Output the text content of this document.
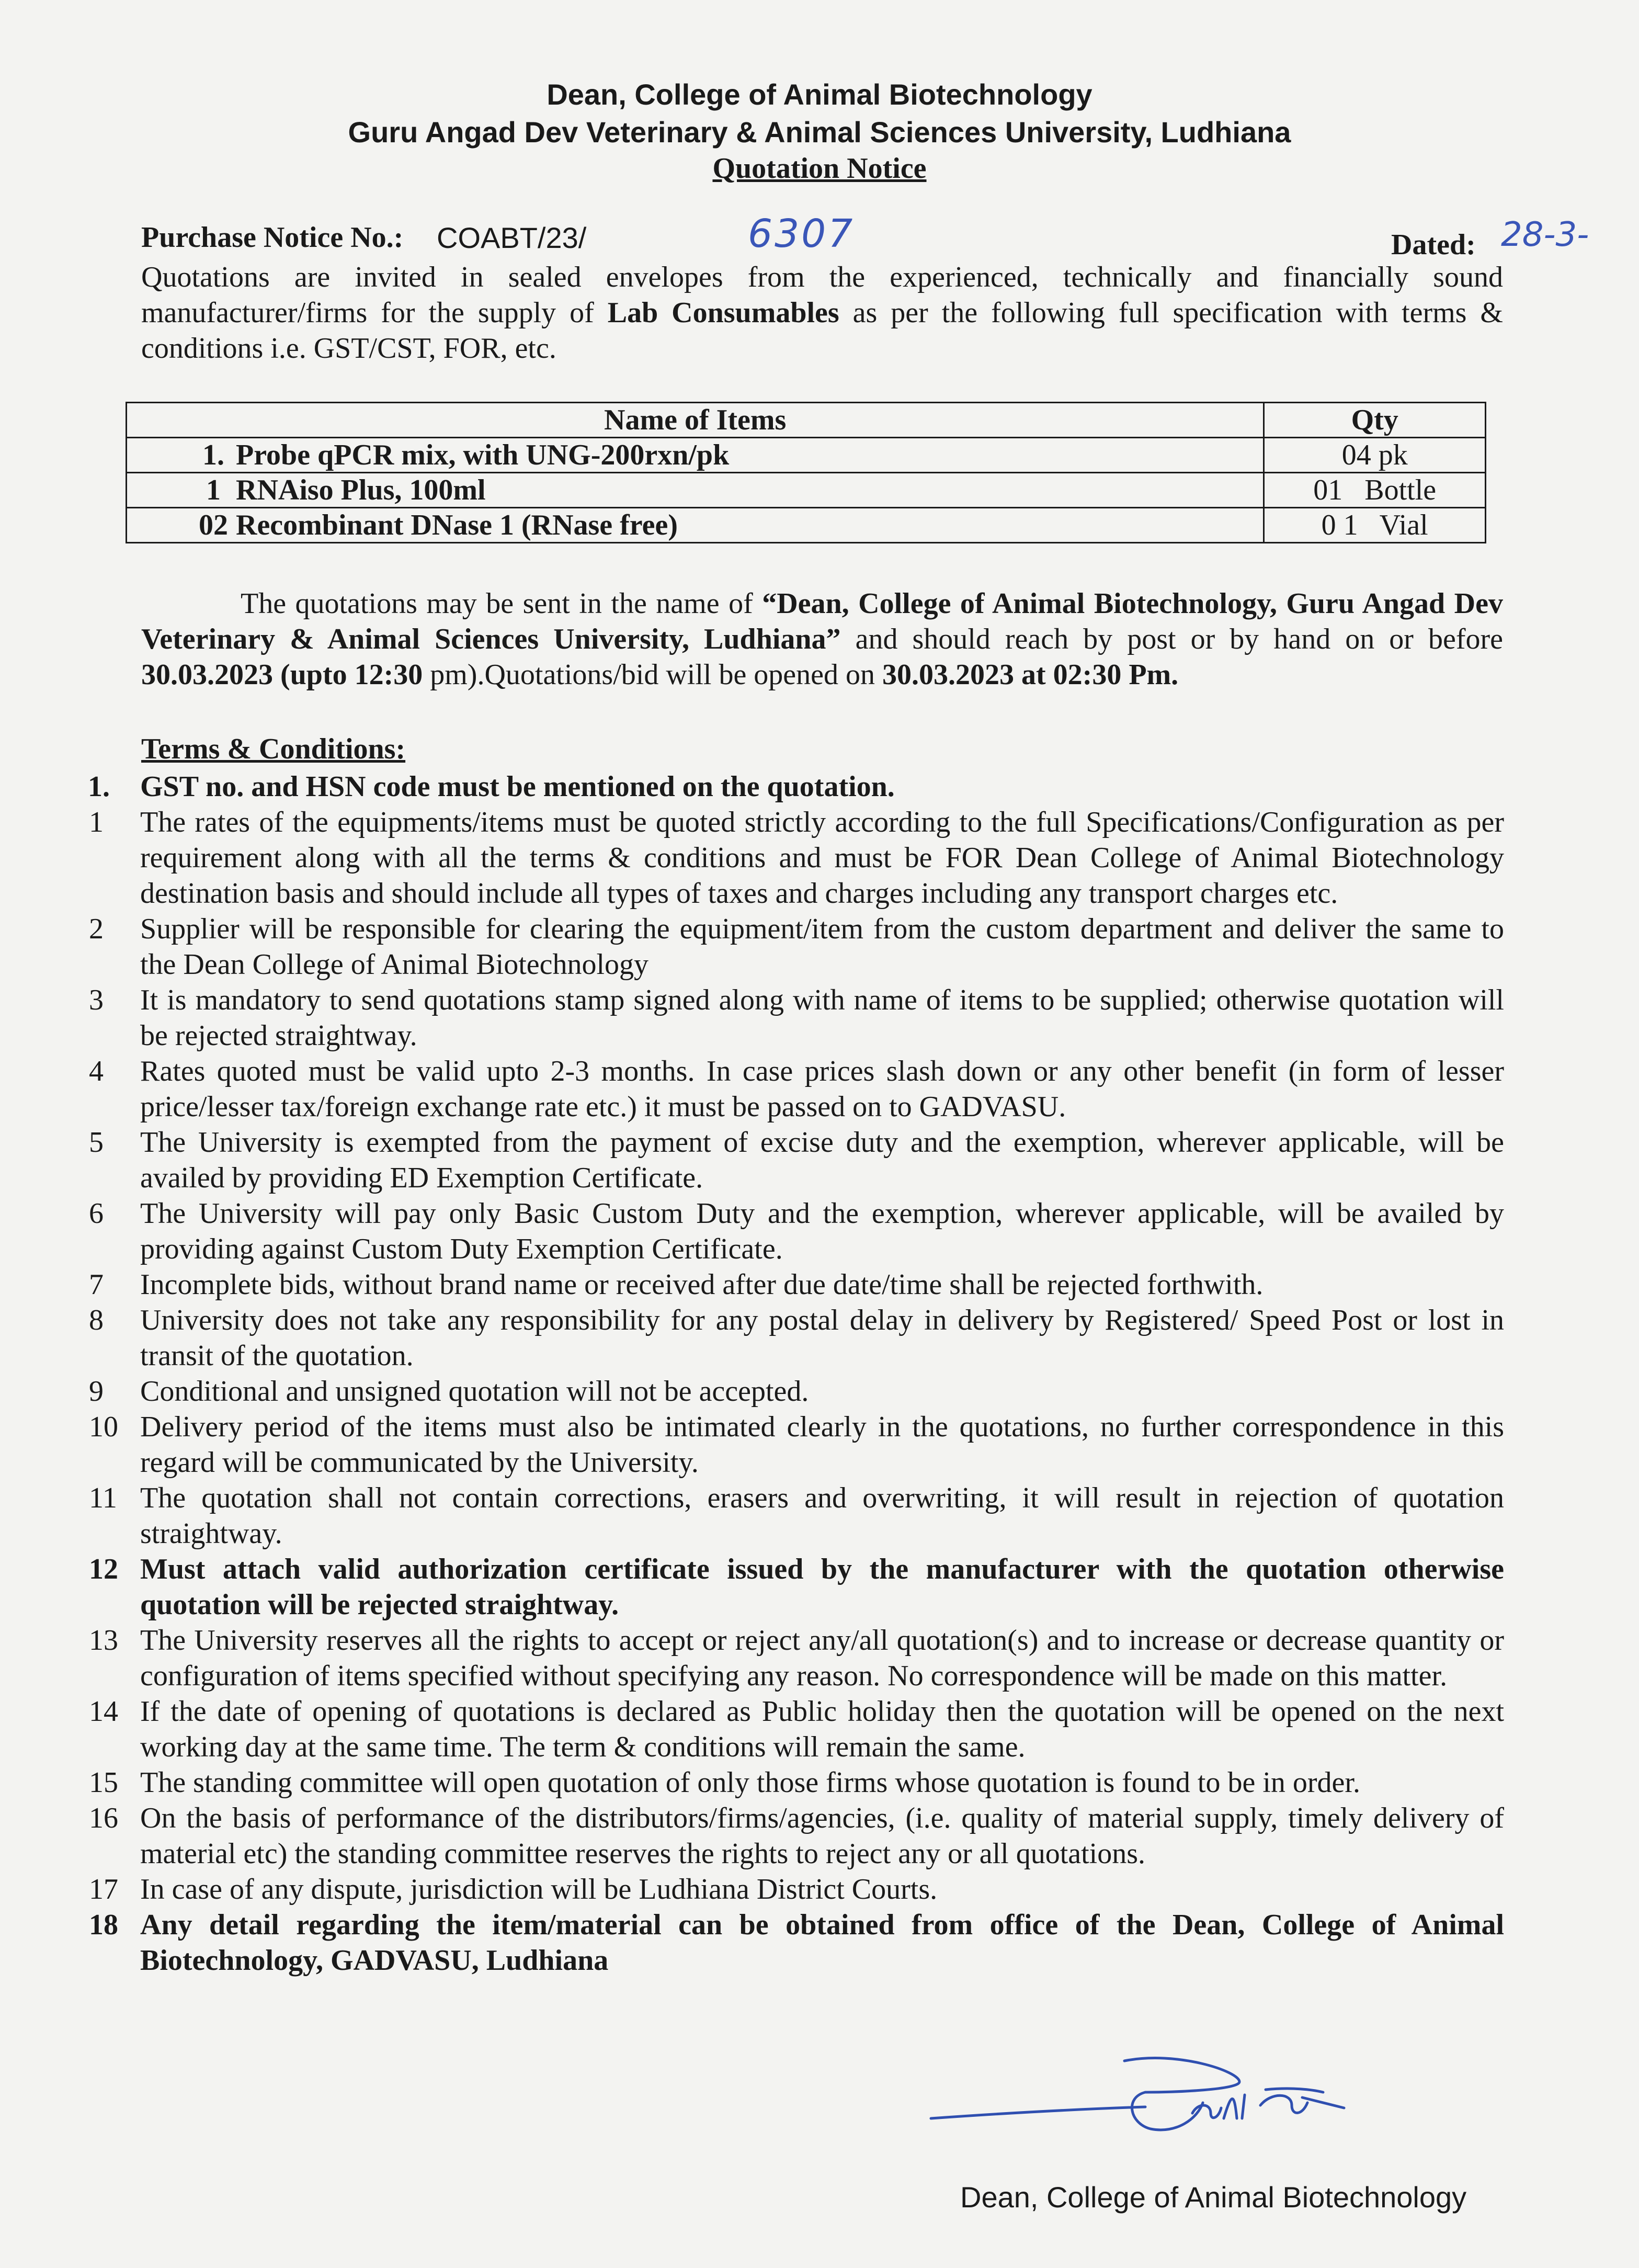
Dean, College of Animal Biotechnology
Guru Angad Dev Veterinary & Animal Sciences University, Ludhiana
Quotation Notice
Purchase Notice No.: COABT/23/	6307	Dated: 28-3-

Quotations are invited in sealed envelopes from the experienced, technically and financially sound manufacturer/firms for the supply of Lab Consumables as per the following full specification with terms & conditions i.e. GST/CST, FOR, etc.

Name of Items	Qty
1. Probe qPCR mix, with UNG-200rxn/pk	04 pk
1 RNAiso Plus, 100ml	01   Bottle
02 Recombinant DNase 1 (RNase free)	0 1   Vial

The quotations may be sent in the name of “Dean, College of Animal Biotechnology, Guru Angad Dev Veterinary & Animal Sciences University, Ludhiana” and should reach by post or by hand on or before 30.03.2023 (upto 12:30 pm).Quotations/bid will be opened on 30.03.2023 at 02:30 Pm.

Terms & Conditions:

1. GST no. and HSN code must be mentioned on the quotation.

1 The rates of the equipments/items must be quoted strictly according to the full Specifications/Configuration as per requirement along with all the terms & conditions and must be FOR Dean College of Animal Biotechnology destination basis and should include all types of taxes and charges including any transport charges etc.

2 Supplier will be responsible for clearing the equipment/item from the custom department and deliver the same to the Dean College of Animal Biotechnology

3 It is mandatory to send quotations stamp signed along with name of items to be supplied; otherwise quotation will be rejected straightway.

4 Rates quoted must be valid upto 2-3 months. In case prices slash down or any other benefit (in form of lesser price/lesser tax/foreign exchange rate etc.) it must be passed on to GADVASU.

5 The University is exempted from the payment of excise duty and the exemption, wherever applicable, will be availed by providing ED Exemption Certificate.

6 The University will pay only Basic Custom Duty and the exemption, wherever applicable, will be availed by providing against Custom Duty Exemption Certificate.

7 Incomplete bids, without brand name or received after due date/time shall be rejected forthwith.

8 University does not take any responsibility for any postal delay in delivery by Registered/ Speed Post or lost in transit of the quotation.

9 Conditional and unsigned quotation will not be accepted.

10 Delivery period of the items must also be intimated clearly in the quotations, no further correspondence in this regard will be communicated by the University.

11 The quotation shall not contain corrections, erasers and overwriting, it will result in rejection of quotation straightway.

12 Must attach valid authorization certificate issued by the manufacturer with the quotation otherwise quotation will be rejected straightway.

13 The University reserves all the rights to accept or reject any/all quotation(s) and to increase or decrease quantity or configuration of items specified without specifying any reason. No correspondence will be made on this matter.

14 If the date of opening of quotations is declared as Public holiday then the quotation will be opened on the next working day at the same time. The term & conditions will remain the same.

15 The standing committee will open quotation of only those firms whose quotation is found to be in order.

16 On the basis of performance of the distributors/firms/agencies, (i.e. quality of material supply, timely delivery of material etc) the standing committee reserves the rights to reject any or all quotations.

17 In case of any dispute, jurisdiction will be Ludhiana District Courts.

18 Any detail regarding the item/material can be obtained from office of the Dean, College of Animal Biotechnology, GADVASU, Ludhiana

Dean, College of Animal Biotechnology
